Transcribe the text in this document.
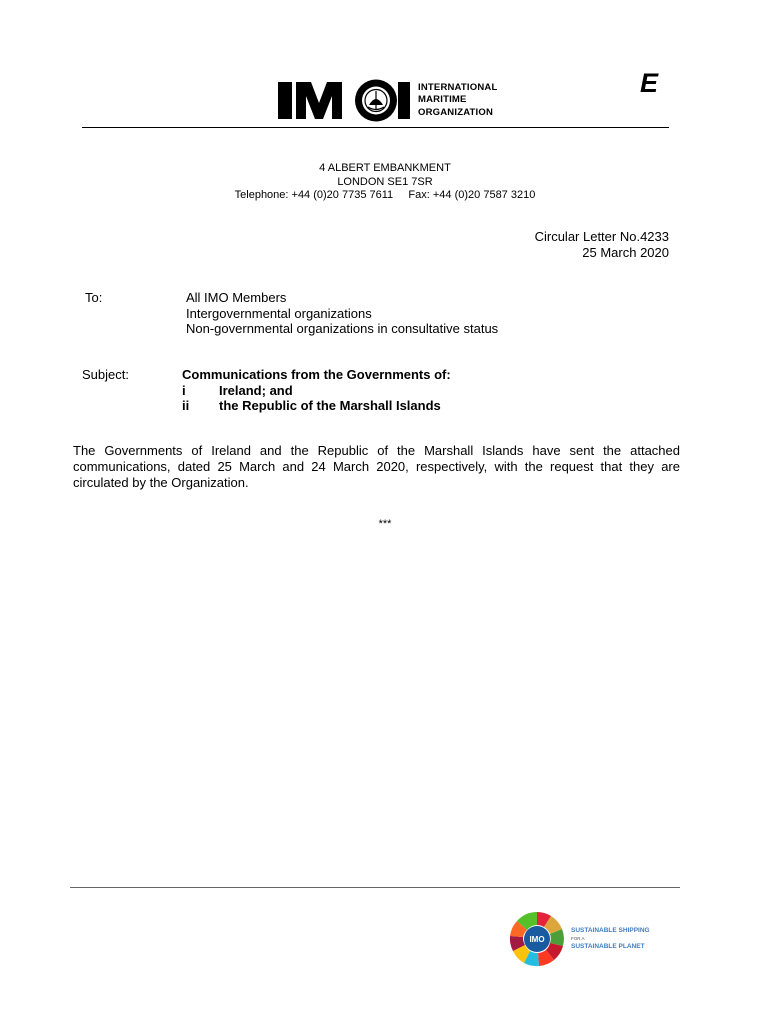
E
INTERNATIONAL
MARITIME
ORGANIZATION
4 ALBERT EMBANKMENT
LONDON SE1 7SR
Telephone: +44 (0)20 7735 7611     Fax: +44 (0)20 7587 3210
Circular Letter No.4233
25 March 2020
To:	All IMO Members
Intergovernmental organizations
Non-governmental organizations in consultative status
Subject:	Communications from the Governments of:
i	Ireland; and
ii the Republic of the Marshall Islands
The Governments of Ireland and the Republic of the Marshall Islands have sent the attached communications, dated 25 March and 24 March 2020, respectively, with the request that they are circulated by the Organization.
***
IMO
SUSTAINABLE SHIPPING
FOR A
SUSTAINABLE PLANET
